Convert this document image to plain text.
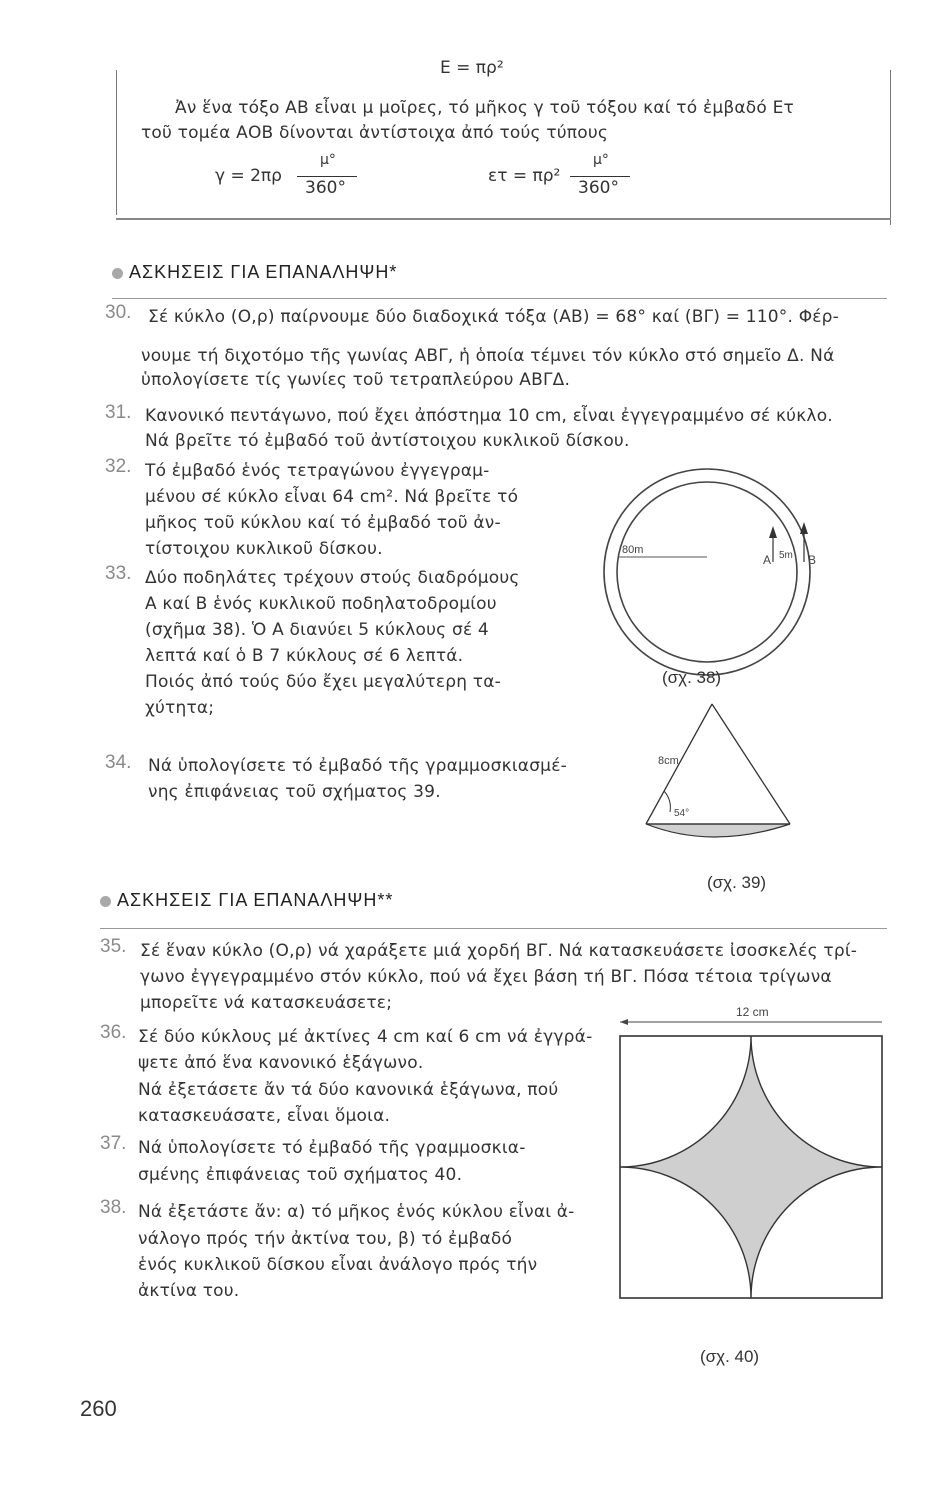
E = πρ²
Ἀν ἕνα τόξο ΑΒ εἶναι μ μοῖρες, τό μῆκος γ τοῦ τόξου καί τό ἐμβαδό Eτ
τοῦ τομέα ΑΟΒ δίνονται ἀντίστοιχα ἀπό τούς τύπους
γ = 2πρ
μ°
360°
ετ = πρ²
μ°
360°
ΑΣΚΗΣΕΙΣ ΓΙΑ ΕΠΑΝΑΛΗΨΗ*
30. Σέ κύκλο (Ο,ρ) παίρνουμε δύο διαδοχικά τόξα (ΑΒ) = 68° καί (ΒΓ) = 110°. Φέρ-
νουμε τή διχοτόμο τῆς γωνίας ΑΒΓ, ἡ ὁποία τέμνει τόν κύκλο στό σημεῖο Δ. Νά
ὑπολογίσετε τίς γωνίες τοῦ τετραπλεύρου ΑΒΓΔ.
31. Κανονικό πεντάγωνο, πού ἔχει ἀπόστημα 10 cm, εἶναι ἐγγεγραμμένο σέ κύκλο.
Νά βρεῖτε τό ἐμβαδό τοῦ ἀντίστοιχου κυκλικοῦ δίσκου.
32. Τό ἐμβαδό ἑνός τετραγώνου ἐγγεγραμ-
μένου σέ κύκλο εἶναι 64 cm². Νά βρεῖτε τό
μῆκος τοῦ κύκλου καί τό ἐμβαδό τοῦ ἀν-
τίστοιχου κυκλικοῦ δίσκου.
33. Δύο ποδηλάτες τρέχουν στούς διαδρόμους
Α καί Β ἑνός κυκλικοῦ ποδηλατοδρομίου
(σχῆμα 38). Ὁ Α διανύει 5 κύκλους σέ 4
λεπτά καί ὁ Β 7 κύκλους σέ 6 λεπτά.
Ποιός ἀπό τούς δύο ἔχει μεγαλύτερη τα-
χύτητα;
80m
Α 5m Β
(σχ. 38)
34. Νά ὑπολογίσετε τό ἐμβαδό τῆς γραμμοσκιασμέ-
νης ἐπιφάνειας τοῦ σχήματος 39.
8cm
54°
(σχ. 39)
ΑΣΚΗΣΕΙΣ ΓΙΑ ΕΠΑΝΑΛΗΨΗ**
35. Σέ ἕναν κύκλο (Ο,ρ) νά χαράξετε μιά χορδή ΒΓ. Νά κατασκευάσετε ἰσοσκελές τρί-
γωνο ἐγγεγραμμένο στόν κύκλο, πού νά ἔχει βάση τή ΒΓ. Πόσα τέτοια τρίγωνα
μπορεῖτε νά κατασκευάσετε;
36. Σέ δύο κύκλους μέ ἀκτίνες 4 cm καί 6 cm νά ἐγγρά-
ψετε ἀπό ἕνα κανονικό ἑξάγωνο.
Νά ἐξετάσετε ἄν τά δύο κανονικά ἑξάγωνα, πού
κατασκευάσατε, εἶναι ὅμοια.
37. Νά ὑπολογίσετε τό ἐμβαδό τῆς γραμμοσκια-
σμένης ἐπιφάνειας τοῦ σχήματος 40.
38. Νά ἐξετάστε ἄν: α) τό μῆκος ἑνός κύκλου εἶναι ἀ-
νάλογο πρός τήν ἀκτίνα του, β) τό ἐμβαδό
ἑνός κυκλικοῦ δίσκου εἶναι ἀνάλογο πρός τήν
ἀκτίνα του.
12 cm
(σχ. 40)
260
